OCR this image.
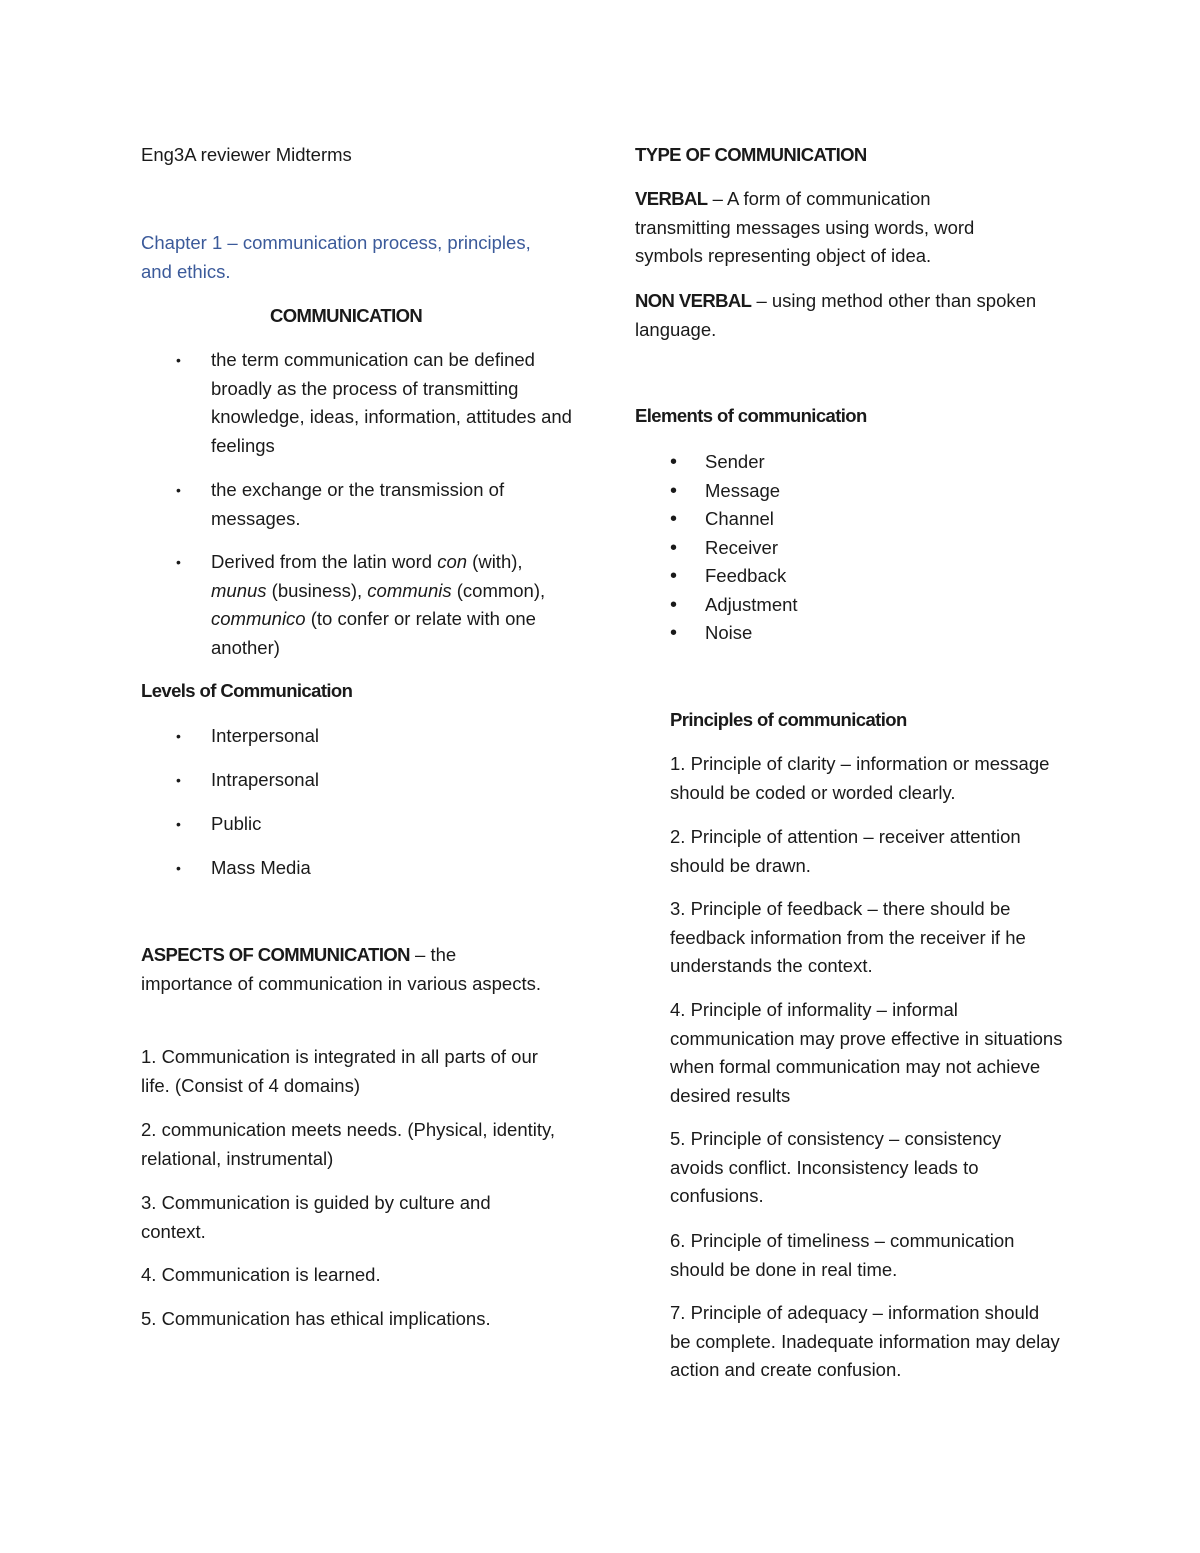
Eng3A reviewer Midterms

Chapter 1 – communication process, principles, and ethics.

COMMUNICATION

• the term communication can be defined broadly as the process of transmitting knowledge, ideas, information, attitudes and feelings
• the exchange or the transmission of messages.
• Derived from the latin word con (with), munus (business), communis (common), communico (to confer or relate with one another)

Levels of Communication

• Interpersonal
• Intrapersonal
• Public
• Mass Media

ASPECTS OF COMMUNICATION – the importance of communication in various aspects.

1. Communication is integrated in all parts of our life. (Consist of 4 domains)

2. communication meets needs. (Physical, identity, relational, instrumental)

3. Communication is guided by culture and context.

4. Communication is learned.

5. Communication has ethical implications.

TYPE OF COMMUNICATION

VERBAL – A form of communication transmitting messages using words, word symbols representing object of idea.

NON VERBAL – using method other than spoken language.

Elements of communication

• Sender
• Message
• Channel
• Receiver
• Feedback
• Adjustment
• Noise

Principles of communication

1. Principle of clarity – information or message should be coded or worded clearly.

2. Principle of attention – receiver attention should be drawn.

3. Principle of feedback – there should be feedback information from the receiver if he understands the context.

4. Principle of informality – informal communication may prove effective in situations when formal communication may not achieve desired results

5. Principle of consistency – consistency avoids conflict. Inconsistency leads to confusions.

6. Principle of timeliness – communication should be done in real time.

7. Principle of adequacy – information should be complete. Inadequate information may delay action and create confusion.
